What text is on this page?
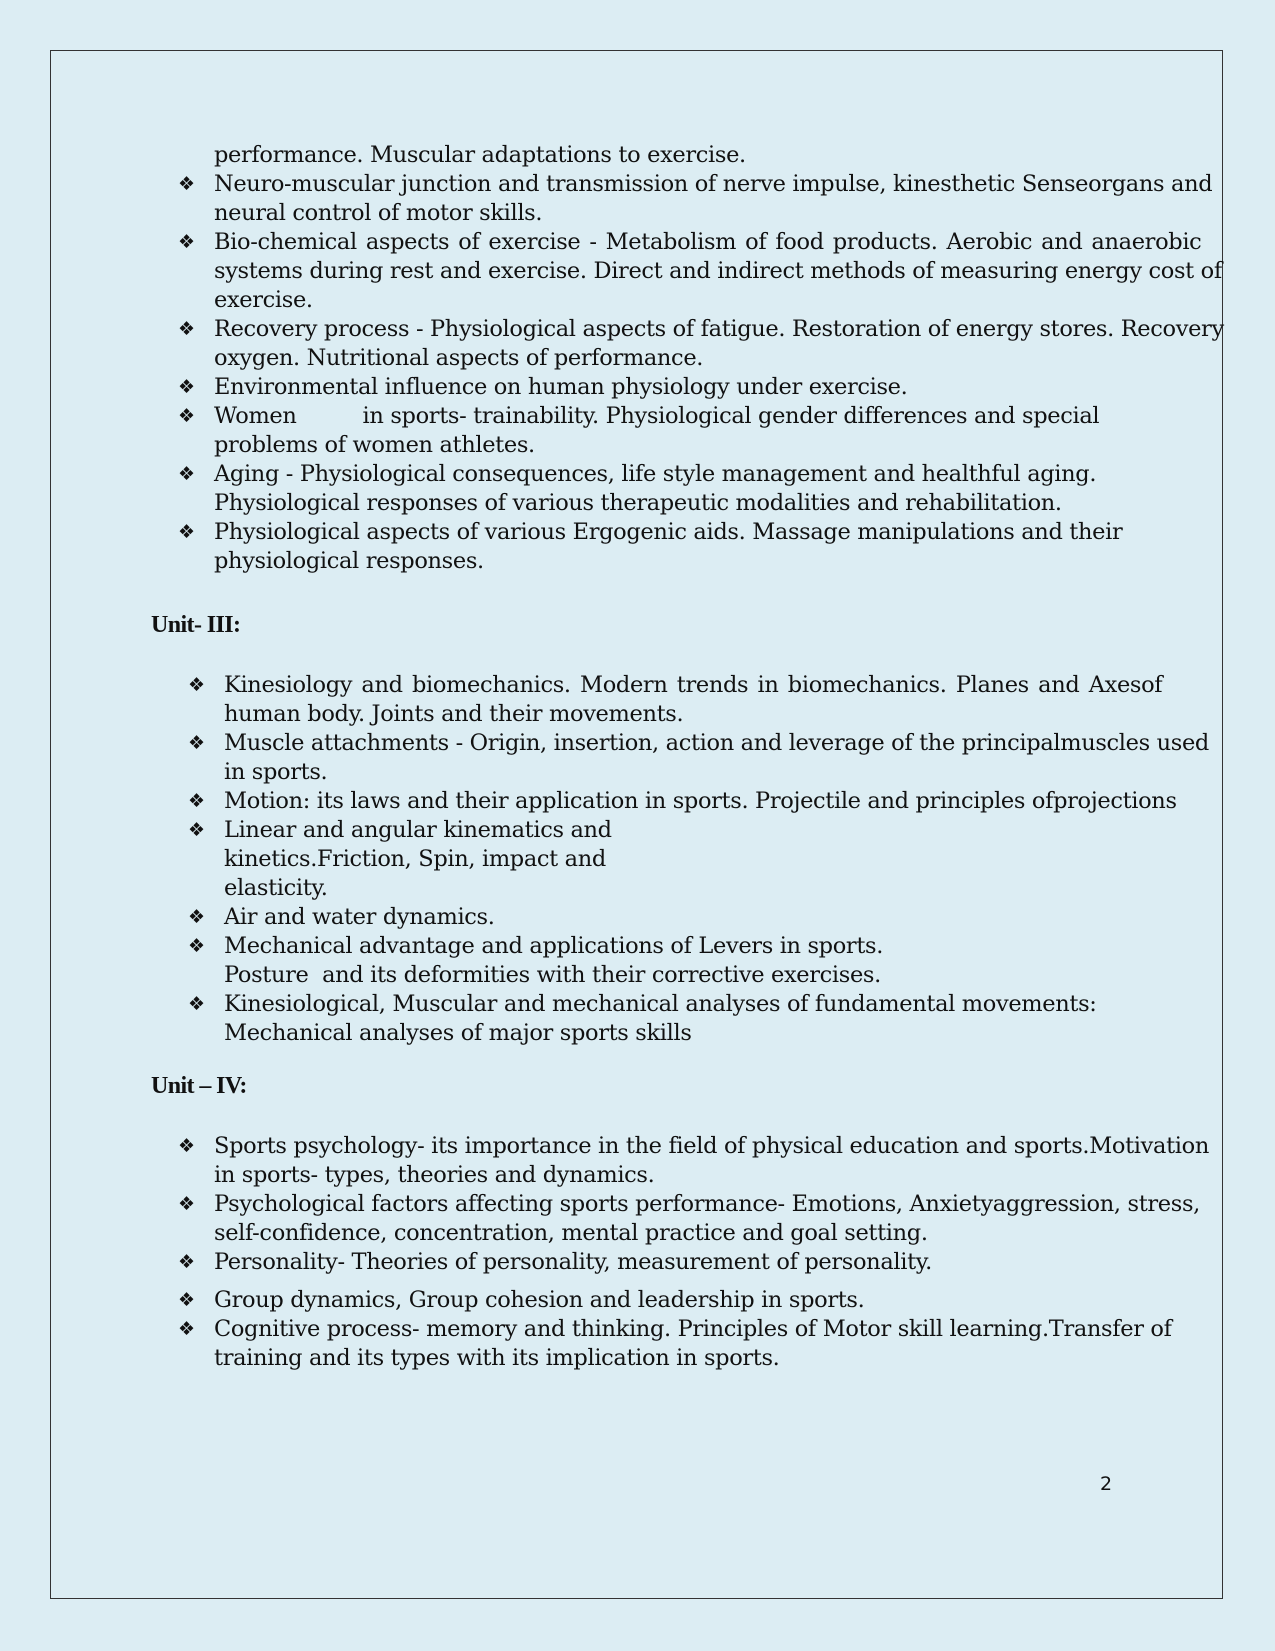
performance. Muscular adaptations to exercise.
❖ Neuro-muscular junction and transmission of nerve impulse, kinesthetic Senseorgans and
neural control of motor skills.
❖ Bio-chemical aspects of exercise - Metabolism of food products. Aerobic and anaerobic
systems during rest and exercise. Direct and indirect methods of measuring energy cost of
exercise.
❖ Recovery process - Physiological aspects of fatigue. Restoration of energy stores. Recovery
oxygen. Nutritional aspects of performance.
❖ Environmental influence on human physiology under exercise.
❖ Women	in sports- trainability. Physiological gender differences and special
problems of women athletes.
❖ Aging - Physiological consequences, life style management and healthful aging.
Physiological responses of various therapeutic modalities and rehabilitation.
❖ Physiological aspects of various Ergogenic aids. Massage manipulations and their
physiological responses.
Unit- III:
❖ Kinesiology and biomechanics. Modern trends in biomechanics. Planes and Axesof
human body. Joints and their movements.
❖ Muscle attachments - Origin, insertion, action and leverage of the principalmuscles used
in sports.
❖ Motion: its laws and their application in sports. Projectile and principles ofprojections
❖ Linear and angular kinematics and
kinetics.Friction, Spin, impact and
elasticity.
❖ Air and water dynamics.
❖ Mechanical advantage and applications of Levers in sports.
Posture  and its deformities with their corrective exercises.
❖ Kinesiological, Muscular and mechanical analyses of fundamental movements:
Mechanical analyses of major sports skills
Unit – IV:
❖ Sports psychology- its importance in the field of physical education and sports.Motivation
in sports- types, theories and dynamics.
❖ Psychological factors affecting sports performance- Emotions, Anxietyaggression, stress,
self-confidence, concentration, mental practice and goal setting.
❖ Personality- Theories of personality, measurement of personality.
❖ Group dynamics, Group cohesion and leadership in sports.
❖ Cognitive process- memory and thinking. Principles of Motor skill learning.Transfer of
training and its types with its implication in sports.
2
